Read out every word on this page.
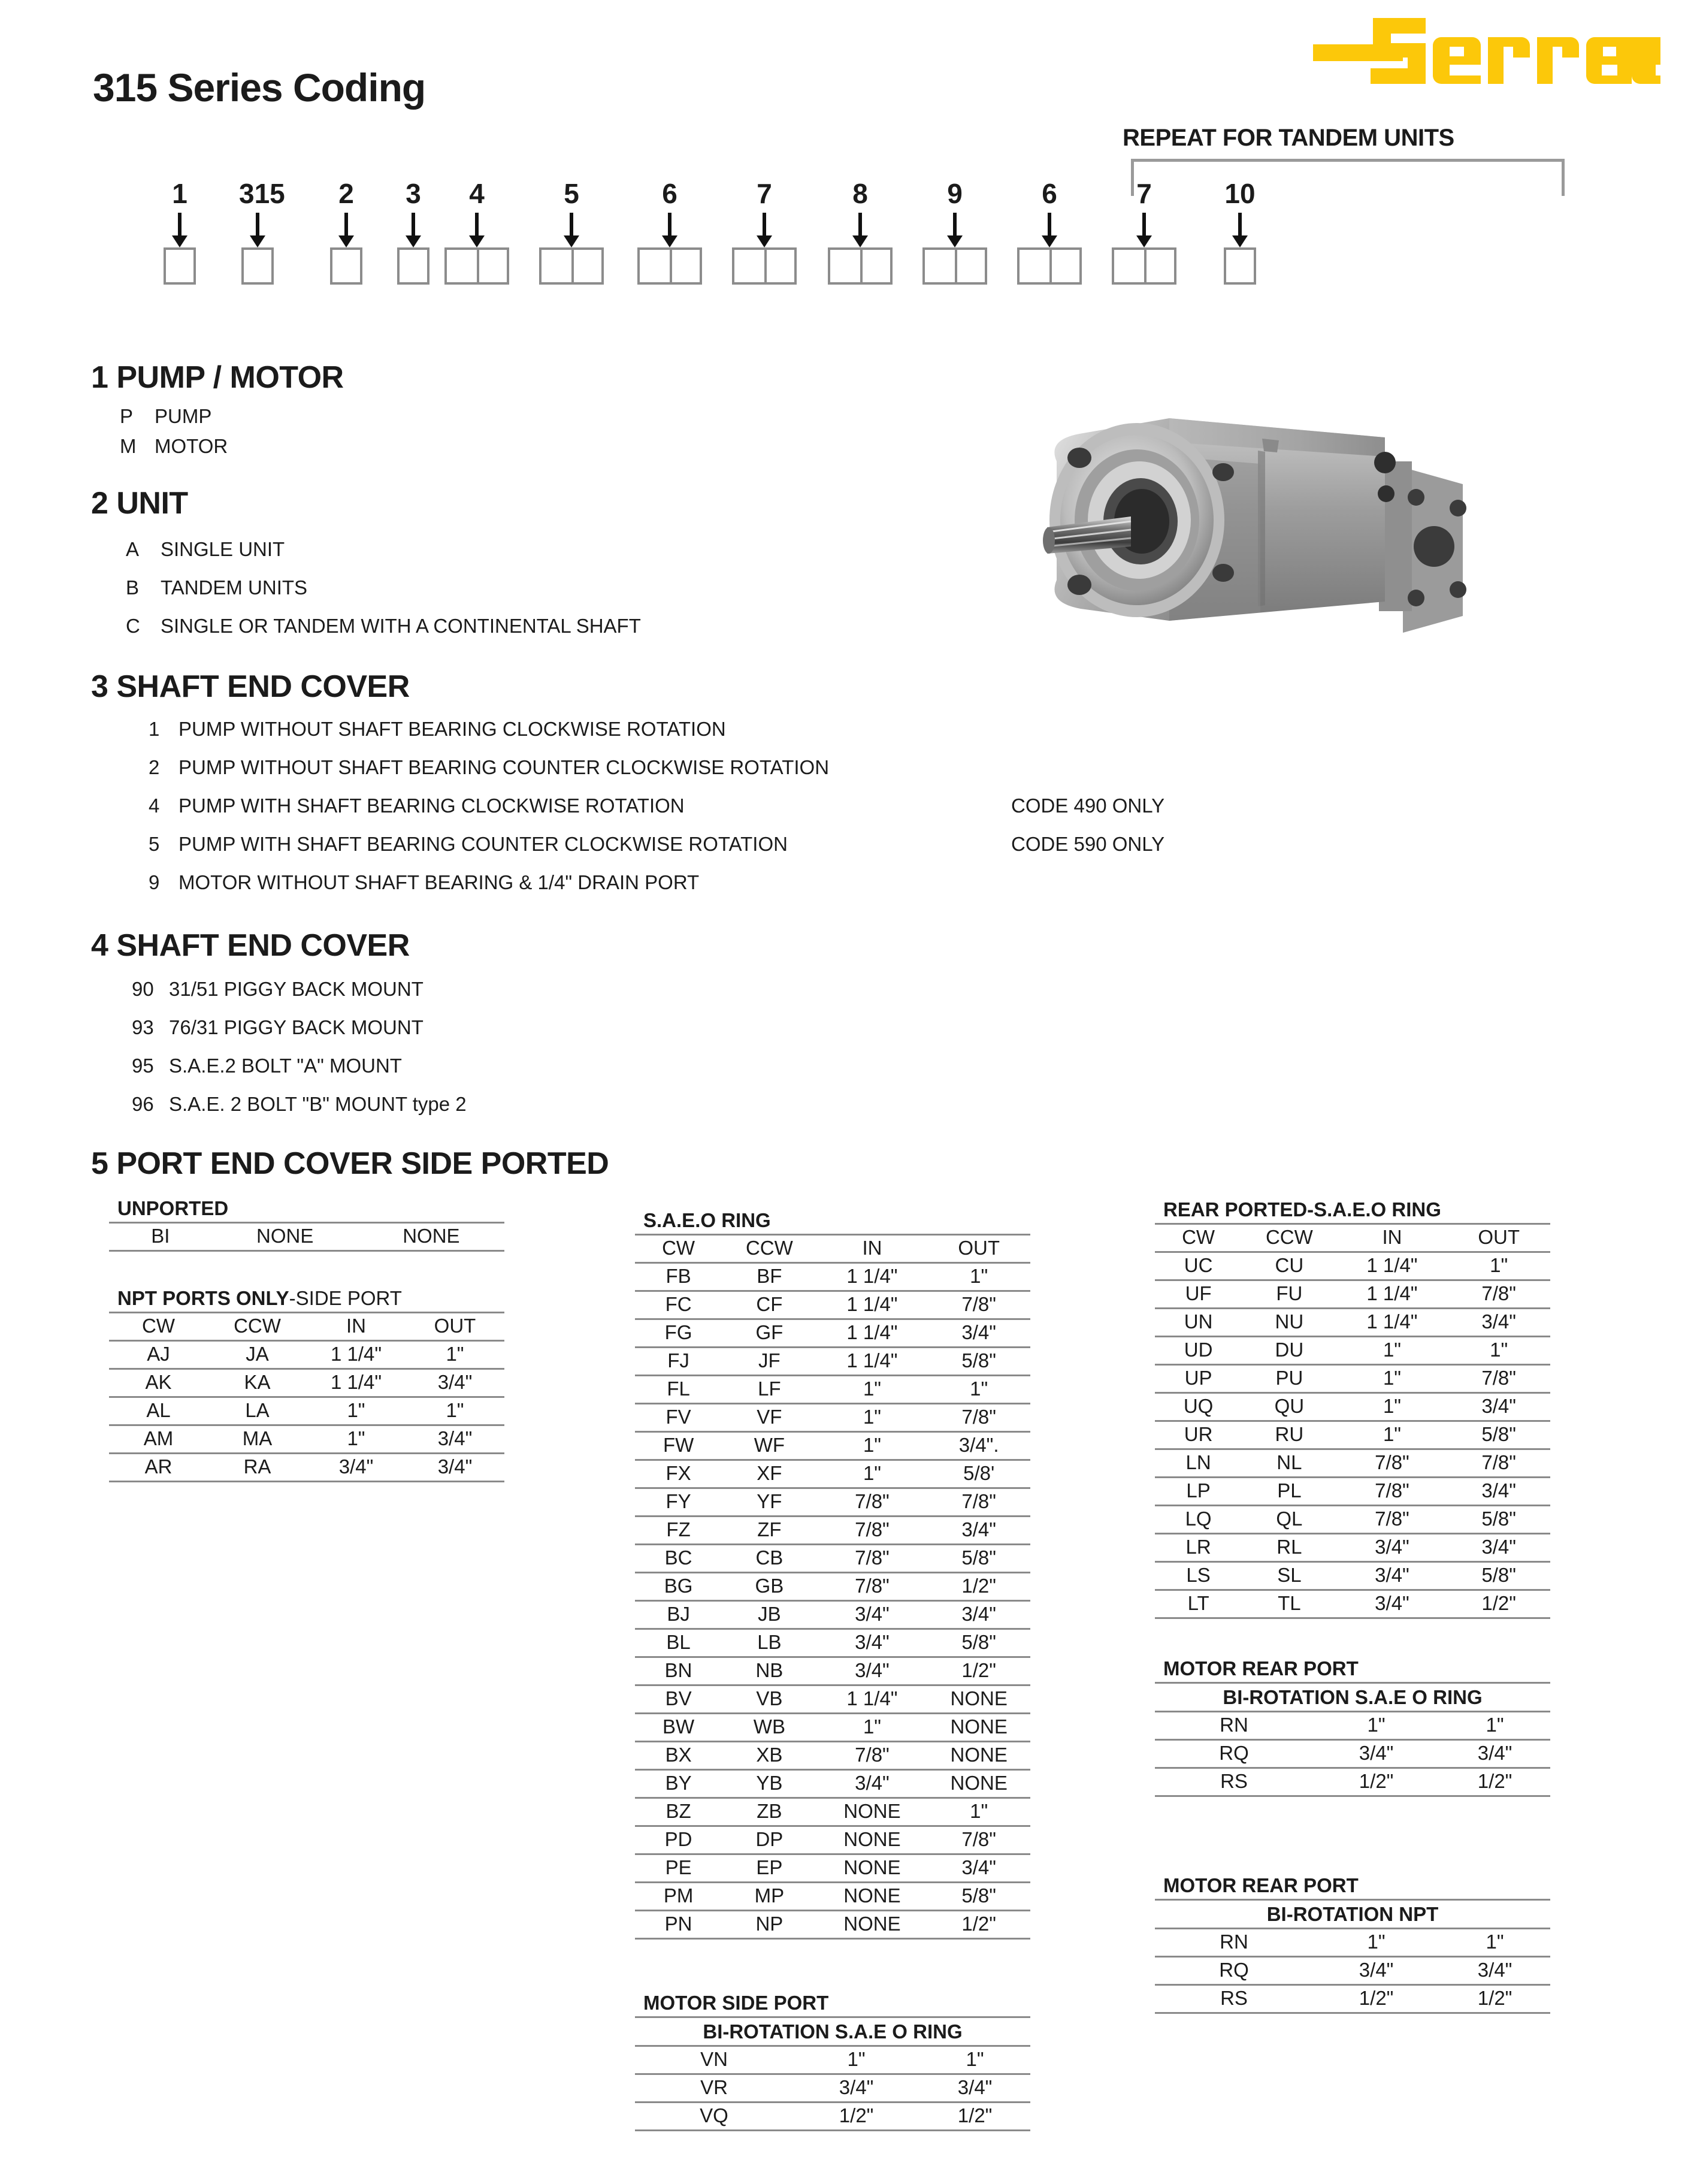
315 Series Coding
REPEAT FOR TANDEM UNITS
1	315	2	3	4	5	6	7	8	9	6	7	10
1 PUMP / MOTOR
P PUMP
M MOTOR
2 UNIT
A SINGLE UNIT
B TANDEM UNITS
C SINGLE OR TANDEM WITH A CONTINENTAL SHAFT
3 SHAFT END COVER
1 PUMP WITHOUT SHAFT BEARING CLOCKWISE ROTATION
2 PUMP WITHOUT SHAFT BEARING COUNTER CLOCKWISE ROTATION
4 PUMP WITH SHAFT BEARING CLOCKWISE ROTATION	CODE 490 ONLY
5 PUMP WITH SHAFT BEARING COUNTER CLOCKWISE ROTATION	CODE 590 ONLY
9 MOTOR WITHOUT SHAFT BEARING & 1/4" DRAIN PORT
4 SHAFT END COVER
90 31/51 PIGGY BACK MOUNT
93 76/31 PIGGY BACK MOUNT
95 S.A.E.2 BOLT "A" MOUNT
96 S.A.E. 2 BOLT "B" MOUNT type 2
5 PORT END COVER SIDE PORTED
UNPORTED
BI	NONE	NONE
NPT PORTS ONLY-SIDE PORT
CW	CCW	IN	OUT
AJ	JA	1 1/4"	1"
AK	KA	1 1/4"	3/4"
AL	LA	1"	1"
AM	MA	1"	3/4"
AR	RA	3/4"	3/4"
S.A.E.O RING
CW	CCW	IN	OUT
FB	BF	1 1/4"	1"
FC	CF	1 1/4"	7/8"
FG	GF	1 1/4"	3/4"
FJ	JF	1 1/4"	5/8"
FL	LF	1"	1"
FV	VF	1"	7/8"
FW	WF	1"	3/4".
FX	XF	1"	5/8'
FY	YF	7/8"	7/8"
FZ	ZF	7/8"	3/4"
BC	CB	7/8"	5/8"
BG	GB	7/8"	1/2"
BJ	JB	3/4"	3/4"
BL	LB	3/4"	5/8"
BN	NB	3/4"	1/2"
BV	VB	1 1/4"	NONE
BW	WB	1"	NONE
BX	XB	7/8"	NONE
BY	YB	3/4"	NONE
BZ	ZB	NONE	1"
PD	DP	NONE	7/8"
PE	EP	NONE	3/4"
PM	MP	NONE	5/8"
PN	NP	NONE	1/2"
MOTOR SIDE PORT
BI-ROTATION S.A.E O RING
VN	1"	1"
VR	3/4"	3/4"
VQ	1/2"	1/2"
REAR PORTED-S.A.E.O RING
CW	CCW	IN	OUT
UC	CU	1 1/4"	1"
UF	FU	1 1/4"	7/8"
UN	NU	1 1/4"	3/4"
UD	DU	1"	1"
UP	PU	1"	7/8"
UQ	QU	1"	3/4"
UR	RU	1"	5/8"
LN	NL	7/8"	7/8"
LP	PL	7/8"	3/4"
LQ	QL	7/8"	5/8"
LR	RL	3/4"	3/4"
LS	SL	3/4"	5/8"
LT	TL	3/4"	1/2"
MOTOR REAR PORT
BI-ROTATION S.A.E O RING
RN	1"	1"
RQ	3/4"	3/4"
RS	1/2"	1/2"
MOTOR REAR PORT
BI-ROTATION NPT
RN	1"	1"
RQ	3/4"	3/4"
RS	1/2"	1/2"
